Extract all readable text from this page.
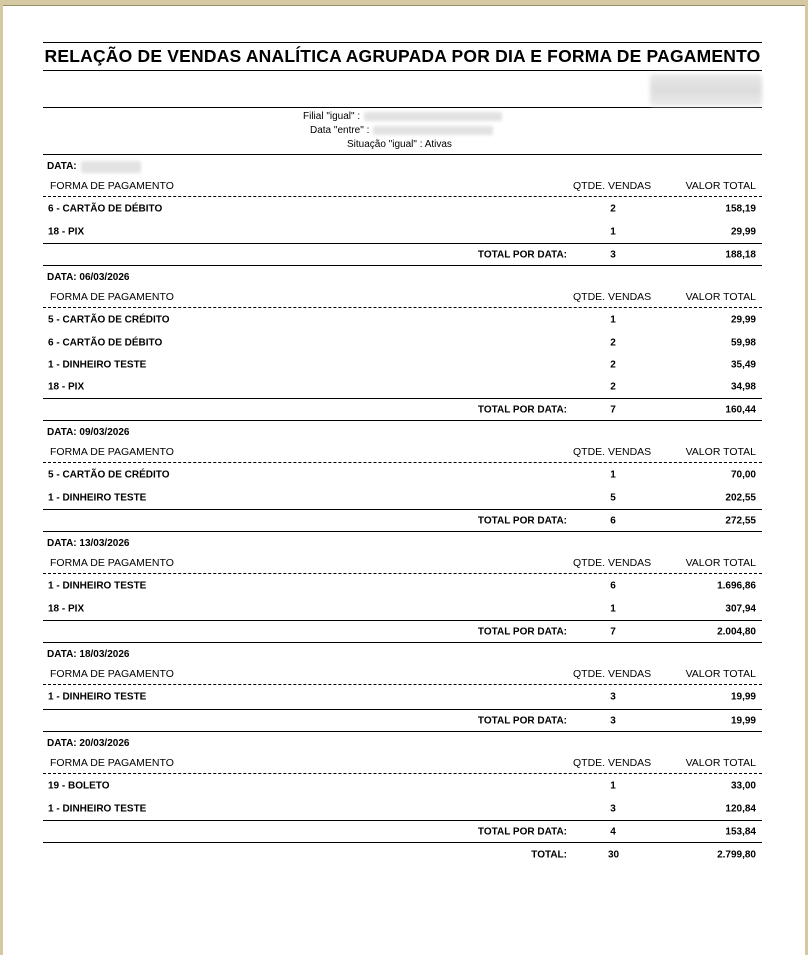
RELAÇÃO DE VENDAS ANALÍTICA AGRUPADA POR DIA E FORMA DE PAGAMENTO
Filial "igual" :
Data "entre" :
Situação "igual" : Ativas
DATA:
FORMA DE PAGAMENTO	QTDE. VENDAS	VALOR TOTAL
6 - CARTÃO DE DÉBITO	2	158,19
18 - PIX	1	29,99
TOTAL POR DATA:	3	188,18
DATA: 06/03/2026
FORMA DE PAGAMENTO	QTDE. VENDAS	VALOR TOTAL
5 - CARTÃO DE CRÉDITO	1	29,99
6 - CARTÃO DE DÉBITO	2	59,98
1 - DINHEIRO TESTE	2	35,49
18 - PIX	2	34,98
TOTAL POR DATA:	7	160,44
DATA: 09/03/2026
FORMA DE PAGAMENTO	QTDE. VENDAS	VALOR TOTAL
5 - CARTÃO DE CRÉDITO	1	70,00
1 - DINHEIRO TESTE	5	202,55
TOTAL POR DATA:	6	272,55
DATA: 13/03/2026
FORMA DE PAGAMENTO	QTDE. VENDAS	VALOR TOTAL
1 - DINHEIRO TESTE	6	1.696,86
18 - PIX	1	307,94
TOTAL POR DATA:	7	2.004,80
DATA: 18/03/2026
FORMA DE PAGAMENTO	QTDE. VENDAS	VALOR TOTAL
1 - DINHEIRO TESTE	3	19,99
TOTAL POR DATA:	3	19,99
DATA: 20/03/2026
FORMA DE PAGAMENTO	QTDE. VENDAS	VALOR TOTAL
19 - BOLETO	1	33,00
1 - DINHEIRO TESTE	3	120,84
TOTAL POR DATA:	4	153,84
TOTAL:	30	2.799,80
